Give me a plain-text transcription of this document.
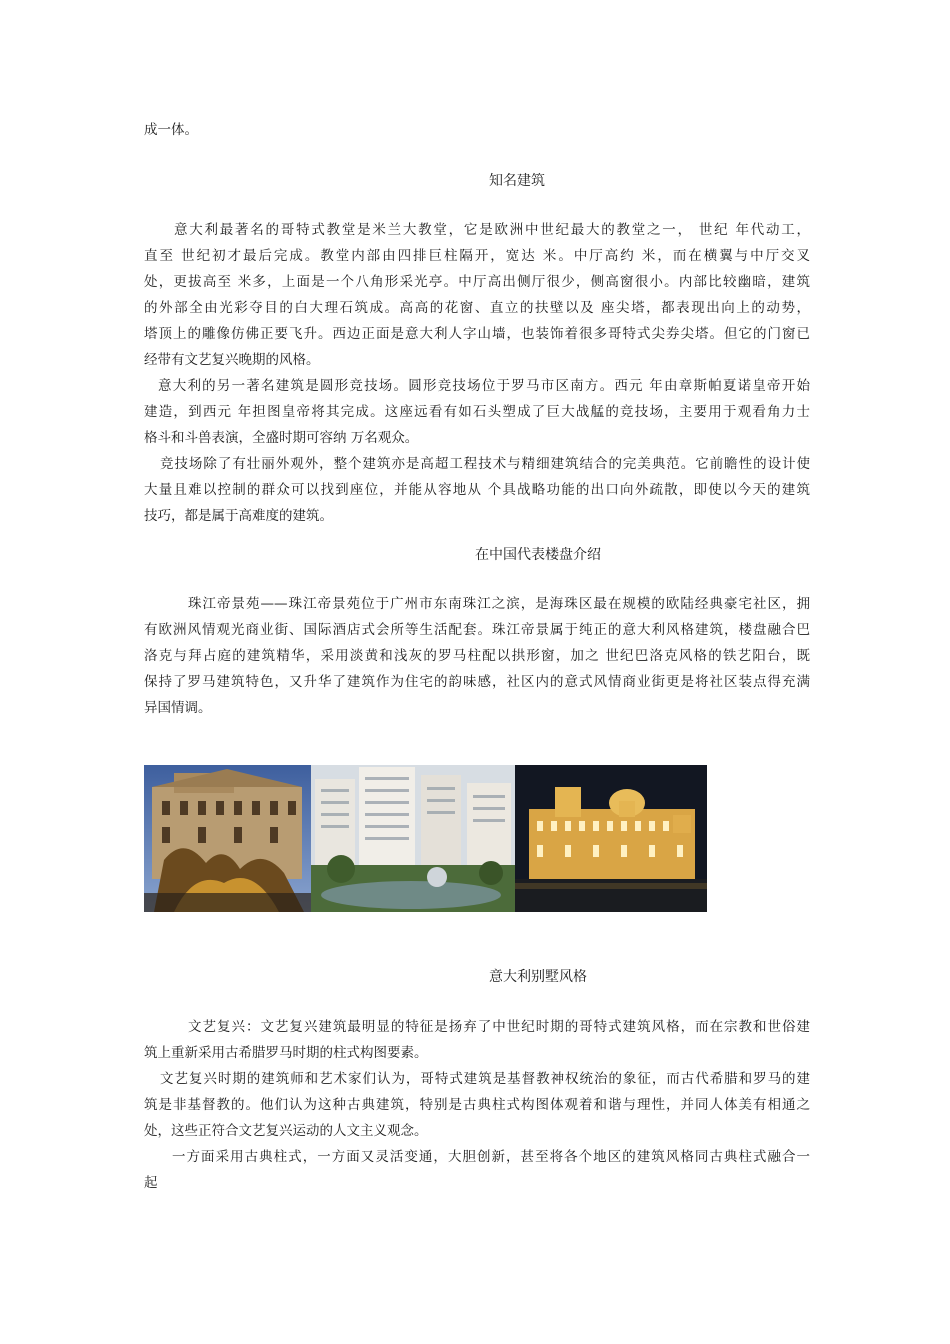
成一体。
知名建筑
意大利最著名的哥特式教堂是米兰大教堂，它是欧洲中世纪最大的教堂之一， 世纪 年代动工，
直至 世纪初才最后完成。教堂内部由四排巨柱隔开，宽达 米。中厅高约 米，而在横翼与中厅交叉
处，更拔高至 米多，上面是一个八角形采光亭。中厅高出侧厅很少，侧高窗很小。内部比较幽暗，建筑
的外部全由光彩夺目的白大理石筑成。高高的花窗、直立的扶壁以及 座尖塔，都表现出向上的动势，
塔顶上的雕像仿佛正要飞升。西边正面是意大利人字山墙，也装饰着很多哥特式尖券尖塔。但它的门窗已
经带有文艺复兴晚期的风格。
意大利的另一著名建筑是圆形竞技场。圆形竞技场位于罗马市区南方。西元 年由章斯帕夏诺皇帝开始
建造，到西元 年担图皇帝将其完成。这座远看有如石头塑成了巨大战艋的竞技场，主要用于观看角力士
格斗和斗兽表演，全盛时期可容纳 万名观众。
竞技场除了有壮丽外观外，整个建筑亦是高超工程技术与精细建筑结合的完美典范。它前瞻性的设计使
大量且难以控制的群众可以找到座位，并能从容地从 个具战略功能的出口向外疏散，即使以今天的建筑
技巧，都是属于高难度的建筑。
在中国代表楼盘介绍
珠江帝景苑——珠江帝景苑位于广州市东南珠江之滨，是海珠区最在规模的欧陆经典豪宅社区，拥
有欧洲风情观光商业街、国际酒店式会所等生活配套。珠江帝景属于纯正的意大利风格建筑，楼盘融合巴
洛克与拜占庭的建筑精华，采用淡黄和浅灰的罗马柱配以拱形窗，加之 世纪巴洛克风格的铁艺阳台，既
保持了罗马建筑特色，又升华了建筑作为住宅的韵味感，社区内的意式风情商业街更是将社区装点得充满
异国情调。
意大利别墅风格
文艺复兴：文艺复兴建筑最明显的特征是扬弃了中世纪时期的哥特式建筑风格，而在宗教和世俗建
筑上重新采用古希腊罗马时期的柱式构图要素。
文艺复兴时期的建筑师和艺术家们认为，哥特式建筑是基督教神权统治的象征，而古代希腊和罗马的建
筑是非基督教的。他们认为这种古典建筑，特别是古典柱式构图体观着和谐与理性，并同人体美有相通之
处，这些正符合文艺复兴运动的人文主义观念。
一方面采用古典柱式，一方面又灵活变通，大胆创新，甚至将各个地区的建筑风格同古典柱式融合一
起
